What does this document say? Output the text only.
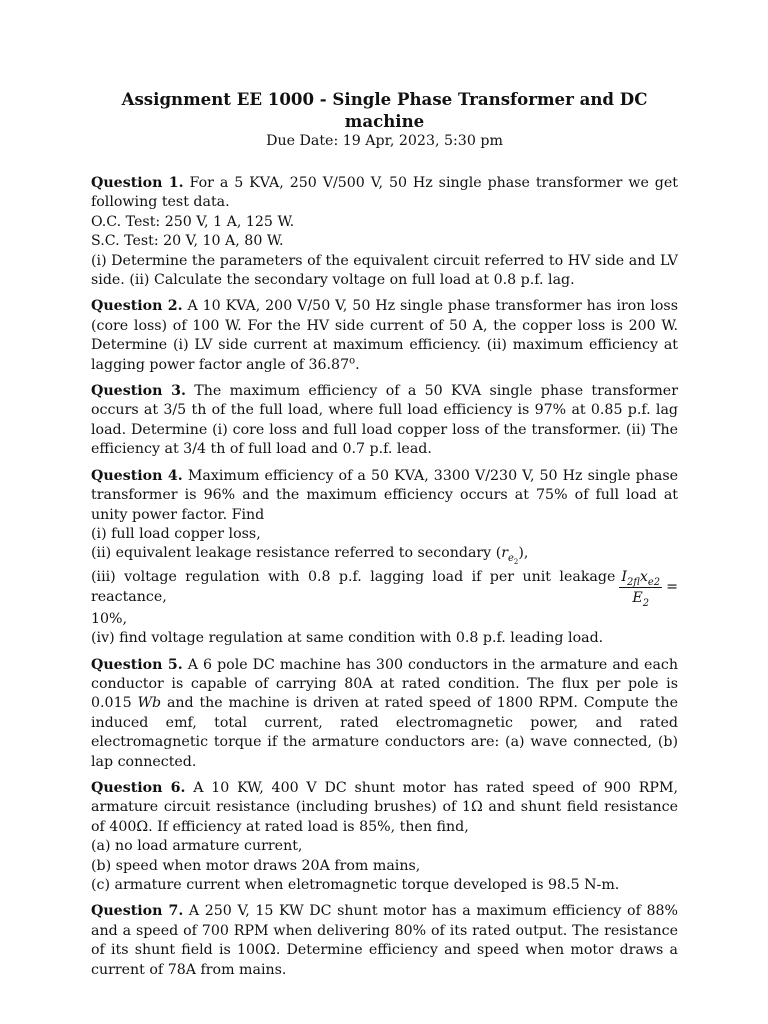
Assignment EE 1000 - Single Phase Transformer and DC machine
Due Date: 19 Apr, 2023, 5:30 pm

Question 1. For a 5 KVA, 250 V/500 V, 50 Hz single phase transformer we get following test data.

O.C. Test: 250 V, 1 A, 125 W.

S.C. Test: 20 V, 10 A, 80 W.

(i) Determine the parameters of the equivalent circuit referred to HV side and LV side. (ii) Calculate the secondary voltage on full load at 0.8 p.f. lag.

Question 2. A 10 KVA, 200 V/50 V, 50 Hz single phase transformer has iron loss (core loss) of 100 W. For the HV side current of 50 A, the copper loss is 200 W. Determine (i) LV side current at maximum efficiency. (ii) maximum efficiency at lagging power factor angle of 36.87$^o$.

Question 3. The maximum efficiency of a 50 KVA single phase transformer occurs at 3/5 th of the full load, where full load efficiency is 97% at 0.85 p.f. lag load. Determine (i) core loss and full load copper loss of the transformer. (ii) The efficiency at 3/4 th of full load and 0.7 p.f. lead.

Question 4. Maximum efficiency of a 50 KVA, 3300 V/230 V, 50 Hz single phase transformer is 96% and the maximum efficiency occurs at 75% of full load at unity power factor. Find

(i) full load copper loss,

(ii) equivalent leakage resistance referred to secondary $(r_{e_2})$,

(iii) voltage regulation with 0.8 p.f. lagging load if per unit leakage reactance,	$\frac{I_{2fl}x_{e2}}{E_2}$ =

10%,

(iv) find voltage regulation at same condition with 0.8 p.f. leading load.

Question 5. A 6 pole DC machine has 300 conductors in the armature and each conductor is capable of carrying 80A at rated condition. The flux per pole is 0.015 Wb and the machine is driven at rated speed of 1800 RPM. Compute the induced emf, total current, rated electromagnetic power, and rated electromagnetic torque if the armature conductors are: (a) wave connected, (b) lap connected.

Question 6. A 10 KW, 400 V DC shunt motor has rated speed of 900 RPM, armature circuit resistance (including brushes) of 1Ω and shunt field resistance of 400Ω. If efficiency at rated load is 85%, then find,

(a) no load armature current,

(b) speed when motor draws 20A from mains,

(c) armature current when eletromagnetic torque developed is 98.5 N-m.

Question 7. A 250 V, 15 KW DC shunt motor has a maximum efficiency of 88% and a speed of 700 RPM when delivering 80% of its rated output. The resistance of its shunt field is 100Ω. Determine efficiency and speed when motor draws a current of 78A from mains.
